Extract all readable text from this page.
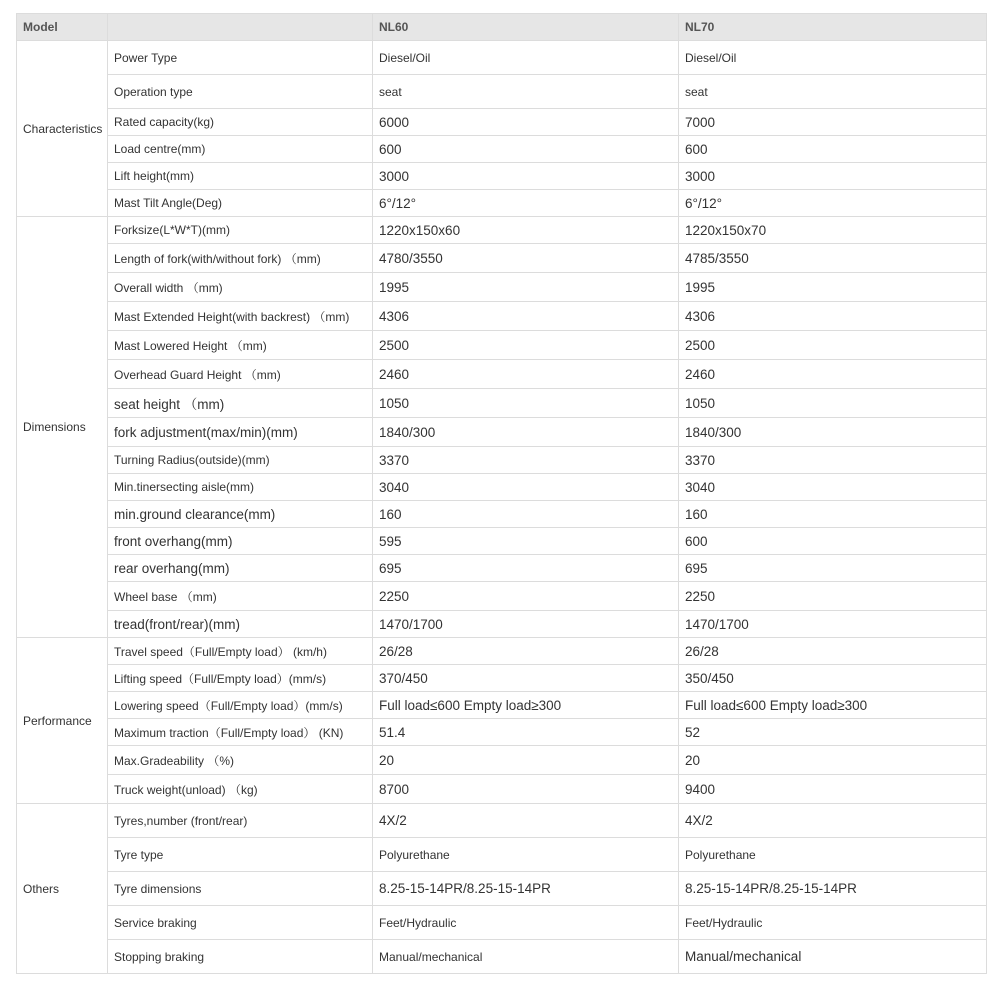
Model		NL60	NL70
Characteristics	Power Type	Diesel/Oil	Diesel/Oil
	Operation type	seat	seat
	Rated capacity(kg)	6000	7000
	Load centre(mm)	600	600
	Lift height(mm)	3000	3000
	Mast Tilt Angle(Deg)	6°/12°	6°/12°
Dimensions	Forksize(L*W*T)(mm)	1220x150x60	1220x150x70
	Length of fork(with/without fork) （mm)	4780/3550	4785/3550
	Overall width （mm)	1995	1995
	Mast Extended Height(with backrest) （mm)	4306	4306
	Mast Lowered Height （mm)	2500	2500
	Overhead Guard Height （mm)	2460	2460
	seat height （mm)	1050	1050
	fork adjustment(max/min)(mm)	1840/300	1840/300
	Turning Radius(outside)(mm)	3370	3370
	Min.tinersecting aisle(mm)	3040	3040
	min.ground clearance(mm)	160	160
	front overhang(mm)	595	600
	rear overhang(mm)	695	695
	Wheel base （mm)	2250	2250
	tread(front/rear)(mm)	1470/1700	1470/1700
Performance	Travel speed（Full/Empty load） (km/h)	26/28	26/28
	Lifting speed（Full/Empty load）(mm/s)	370/450	350/450
	Lowering speed（Full/Empty load）(mm/s)	Full load≤600 Empty load≥300	Full load≤600 Empty load≥300
	Maximum traction（Full/Empty load） (KN)	51.4	52
	Max.Gradeability （%)	20	20
	Truck weight(unload) （kg)	8700	9400
Others	Tyres,number (front/rear)	4X/2	4X/2
	Tyre type	Polyurethane	Polyurethane
	Tyre dimensions	8.25-15-14PR/8.25-15-14PR	8.25-15-14PR/8.25-15-14PR
	Service braking	Feet/Hydraulic	Feet/Hydraulic
	Stopping braking	Manual/mechanical	Manual/mechanical
